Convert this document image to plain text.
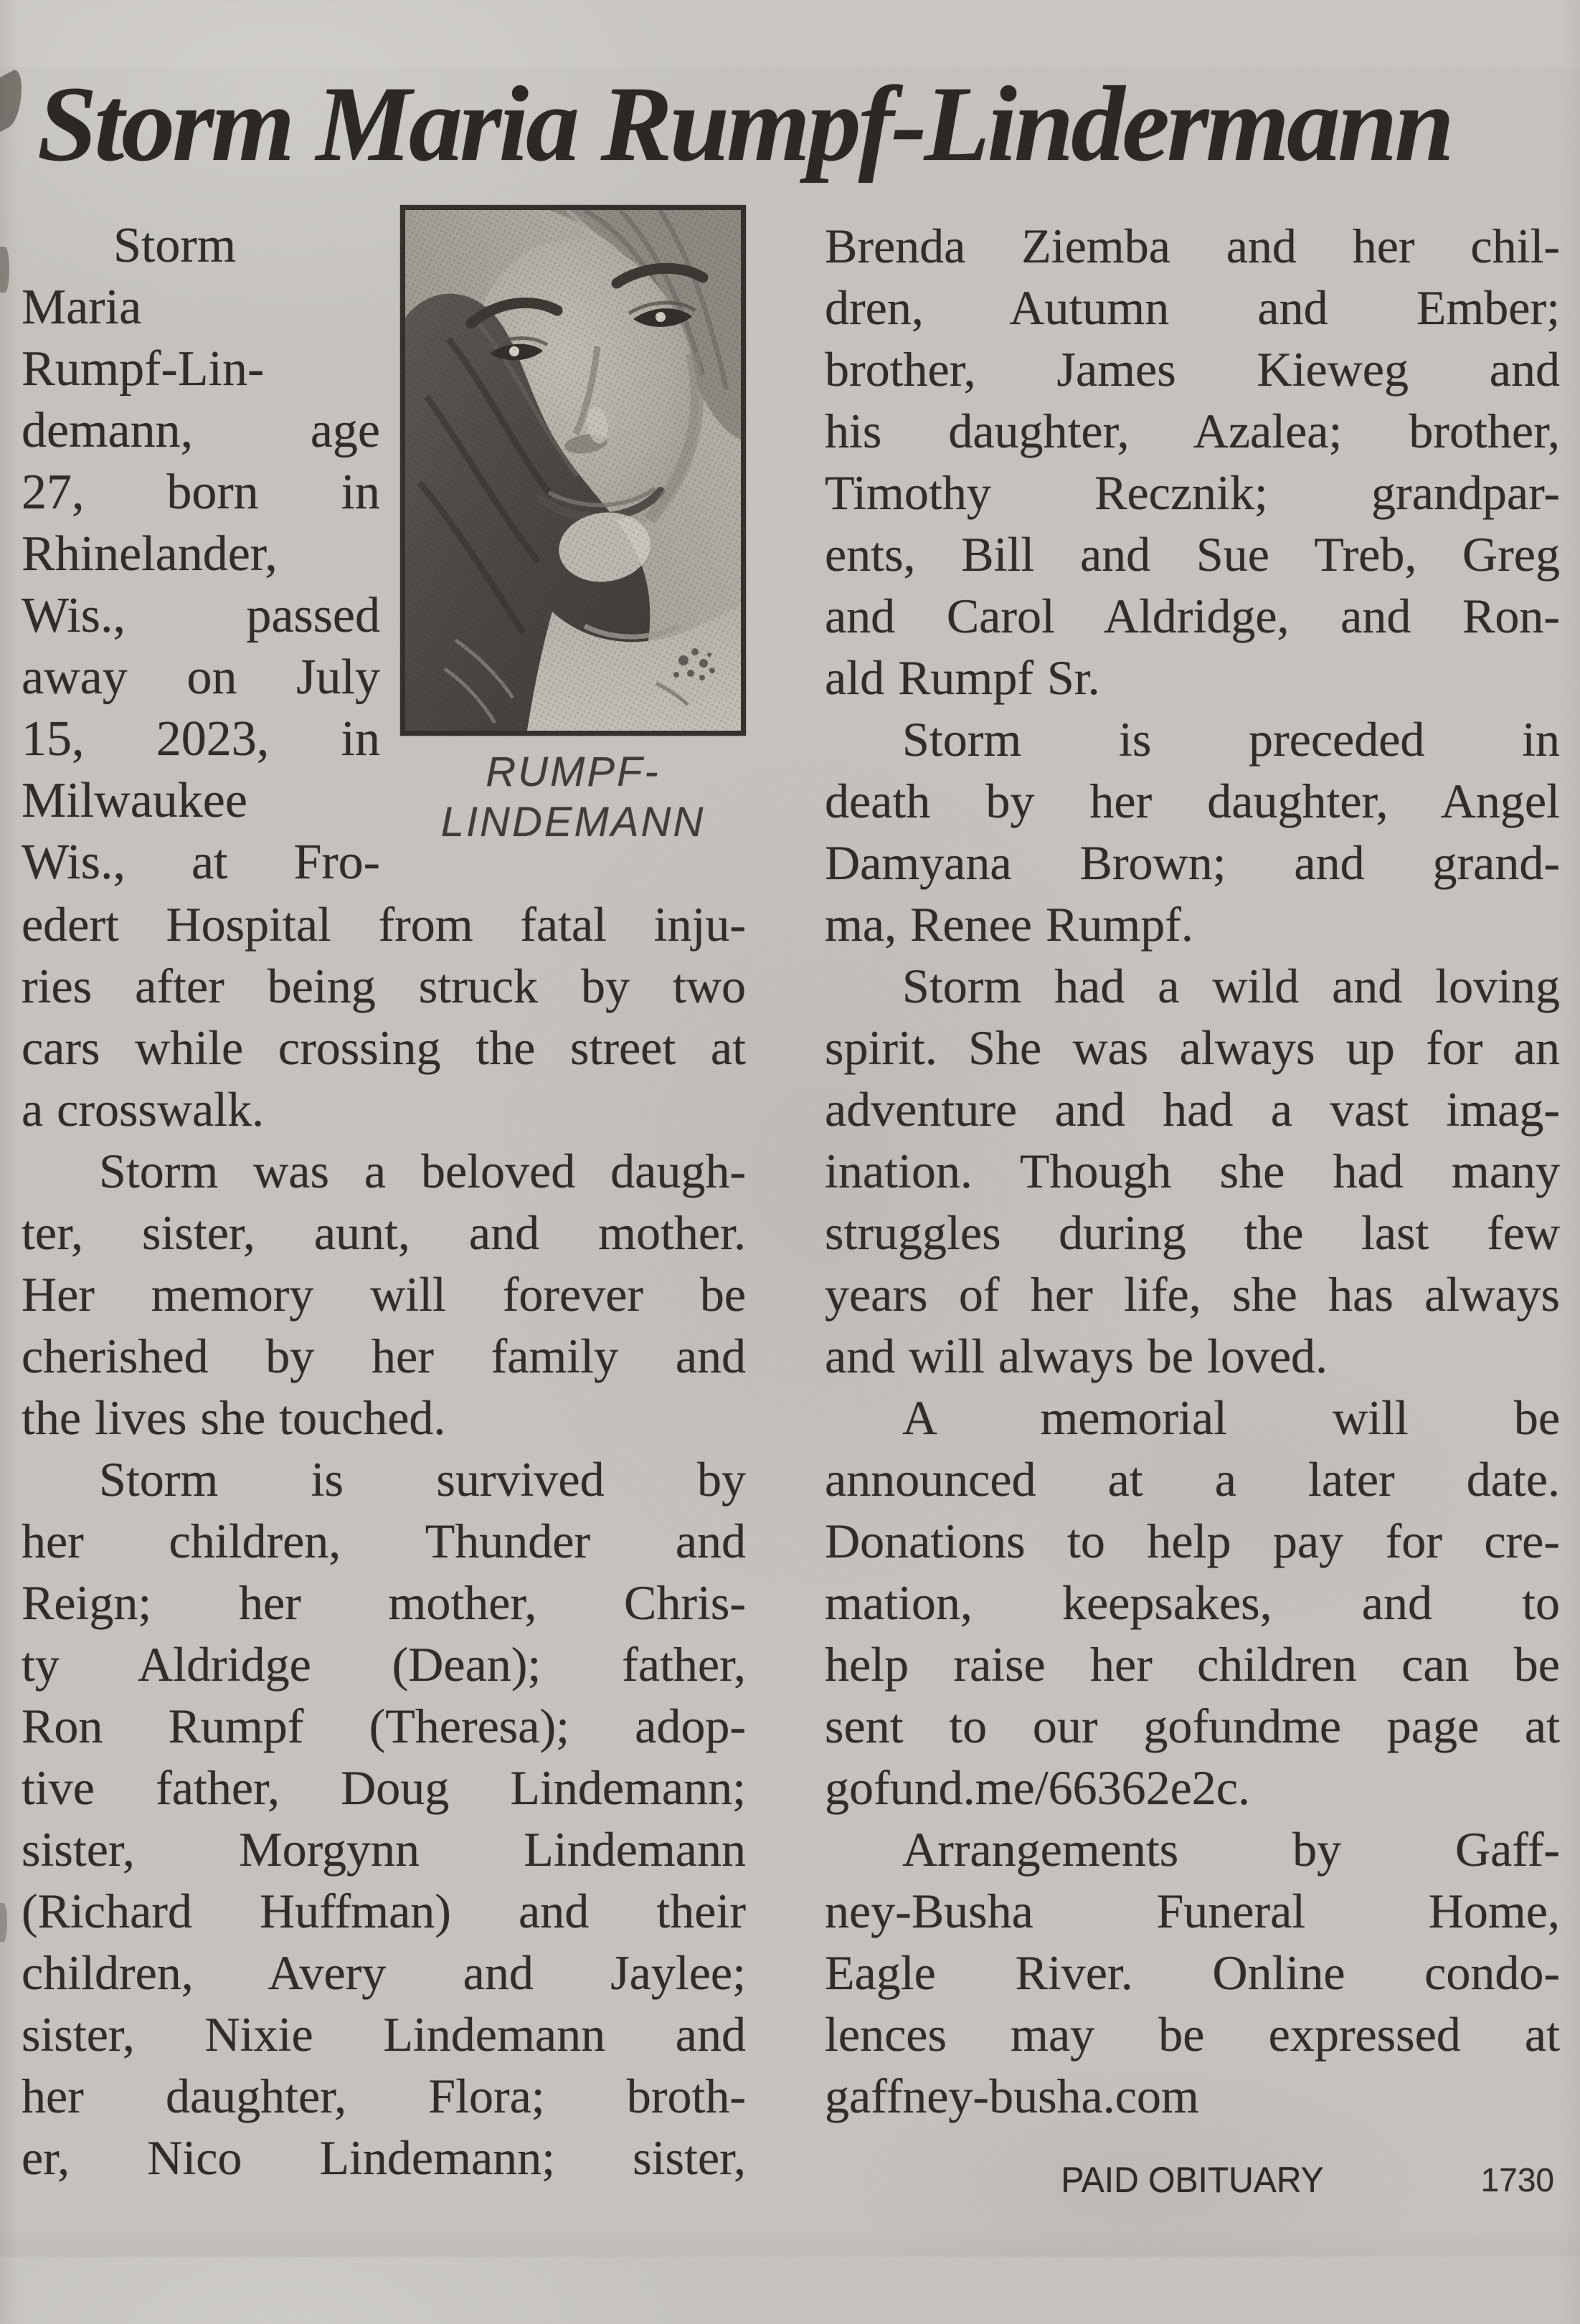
Storm Maria Rumpf-Lindermann
RUMPF-
LINDEMANN
Storm
Maria
Rumpf-Lin-
demann, age
27, born in
Rhinelander,
Wis., passed
away on July
15, 2023, in
Milwaukee
Wis., at Fro-
edert Hospital from fatal inju-
ries after being struck by two
cars while crossing the street at
a crosswalk.
Storm was a beloved daugh-
ter, sister, aunt, and mother.
Her memory will forever be
cherished by her family and
the lives she touched.
Storm is survived by
her children, Thunder and
Reign; her mother, Chris-
ty Aldridge (Dean); father,
Ron Rumpf (Theresa); adop-
tive father, Doug Lindemann;
sister, Morgynn Lindemann
(Richard Huffman) and their
children, Avery and Jaylee;
sister, Nixie Lindemann and
her daughter, Flora; broth-
er, Nico Lindemann; sister,
Brenda Ziemba and her chil-
dren, Autumn and Ember;
brother, James Kieweg and
his daughter, Azalea; brother,
Timothy Recznik; grandpar-
ents, Bill and Sue Treb, Greg
and Carol Aldridge, and Ron-
ald Rumpf Sr.
Storm is preceded in
death by her daughter, Angel
Damyana Brown; and grand-
ma, Renee Rumpf.
Storm had a wild and loving
spirit. She was always up for an
adventure and had a vast imag-
ination. Though she had many
struggles during the last few
years of her life, she has always
and will always be loved.
A memorial will be
announced at a later date.
Donations to help pay for cre-
mation, keepsakes, and to
help raise her children can be
sent to our gofundme page at
gofund.me/66362e2c.
Arrangements by Gaff-
ney-Busha Funeral Home,
Eagle River. Online condo-
lences may be expressed at
gaffney-busha.com
PAID OBITUARY	1730
